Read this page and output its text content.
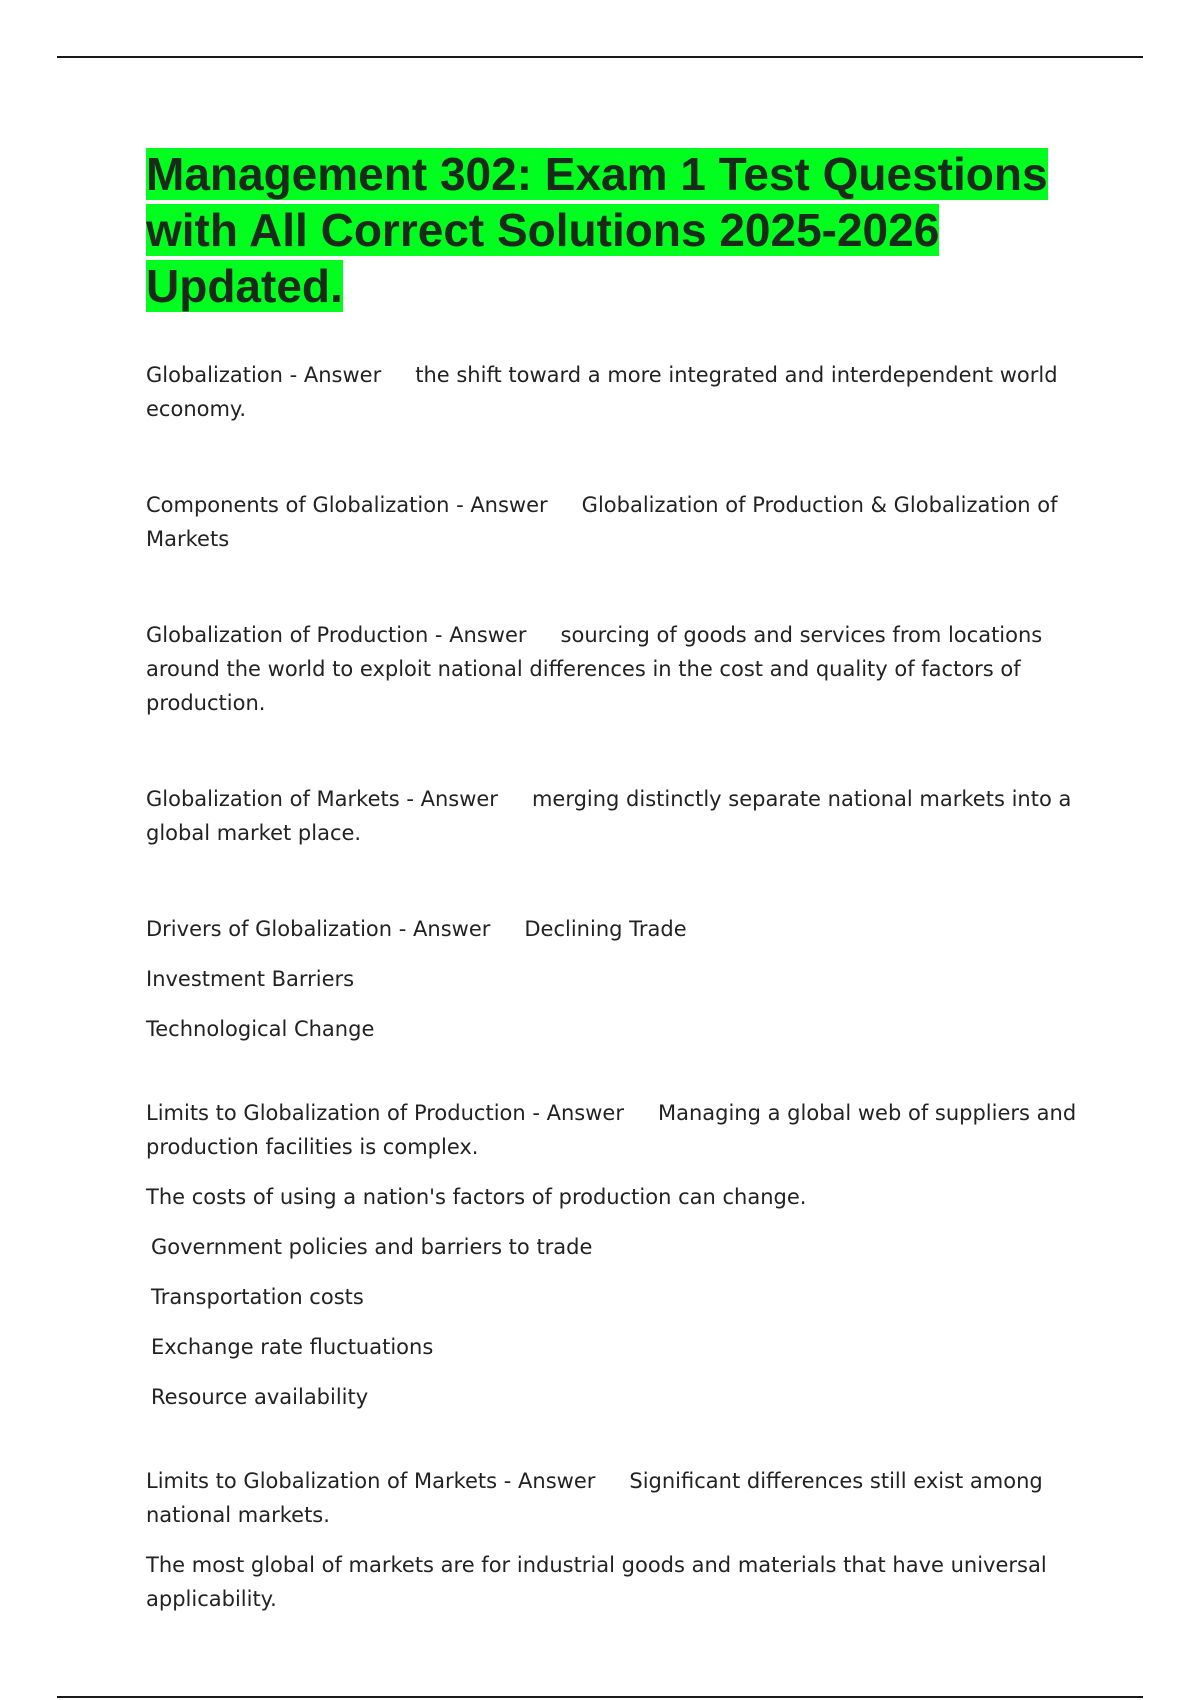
Management 302: Exam 1 Test Questions with All Correct Solutions 2025-2026 Updated.

Globalization - Answer the shift toward a more integrated and interdependent world economy.

Components of Globalization - Answer Globalization of Production & Globalization of Markets

Globalization of Production - Answer sourcing of goods and services from locations around the world to exploit national differences in the cost and quality of factors of production.

Globalization of Markets - Answer merging distinctly separate national markets into a global market place.

Drivers of Globalization - Answer Declining Trade

Investment Barriers

Technological Change

Limits to Globalization of Production - Answer Managing a global web of suppliers and production facilities is complex.

The costs of using a nation's factors of production can change.

Government policies and barriers to trade

Transportation costs

Exchange rate fluctuations

Resource availability

Limits to Globalization of Markets - Answer Significant differences still exist among national markets.

The most global of markets are for industrial goods and materials that have universal applicability.
